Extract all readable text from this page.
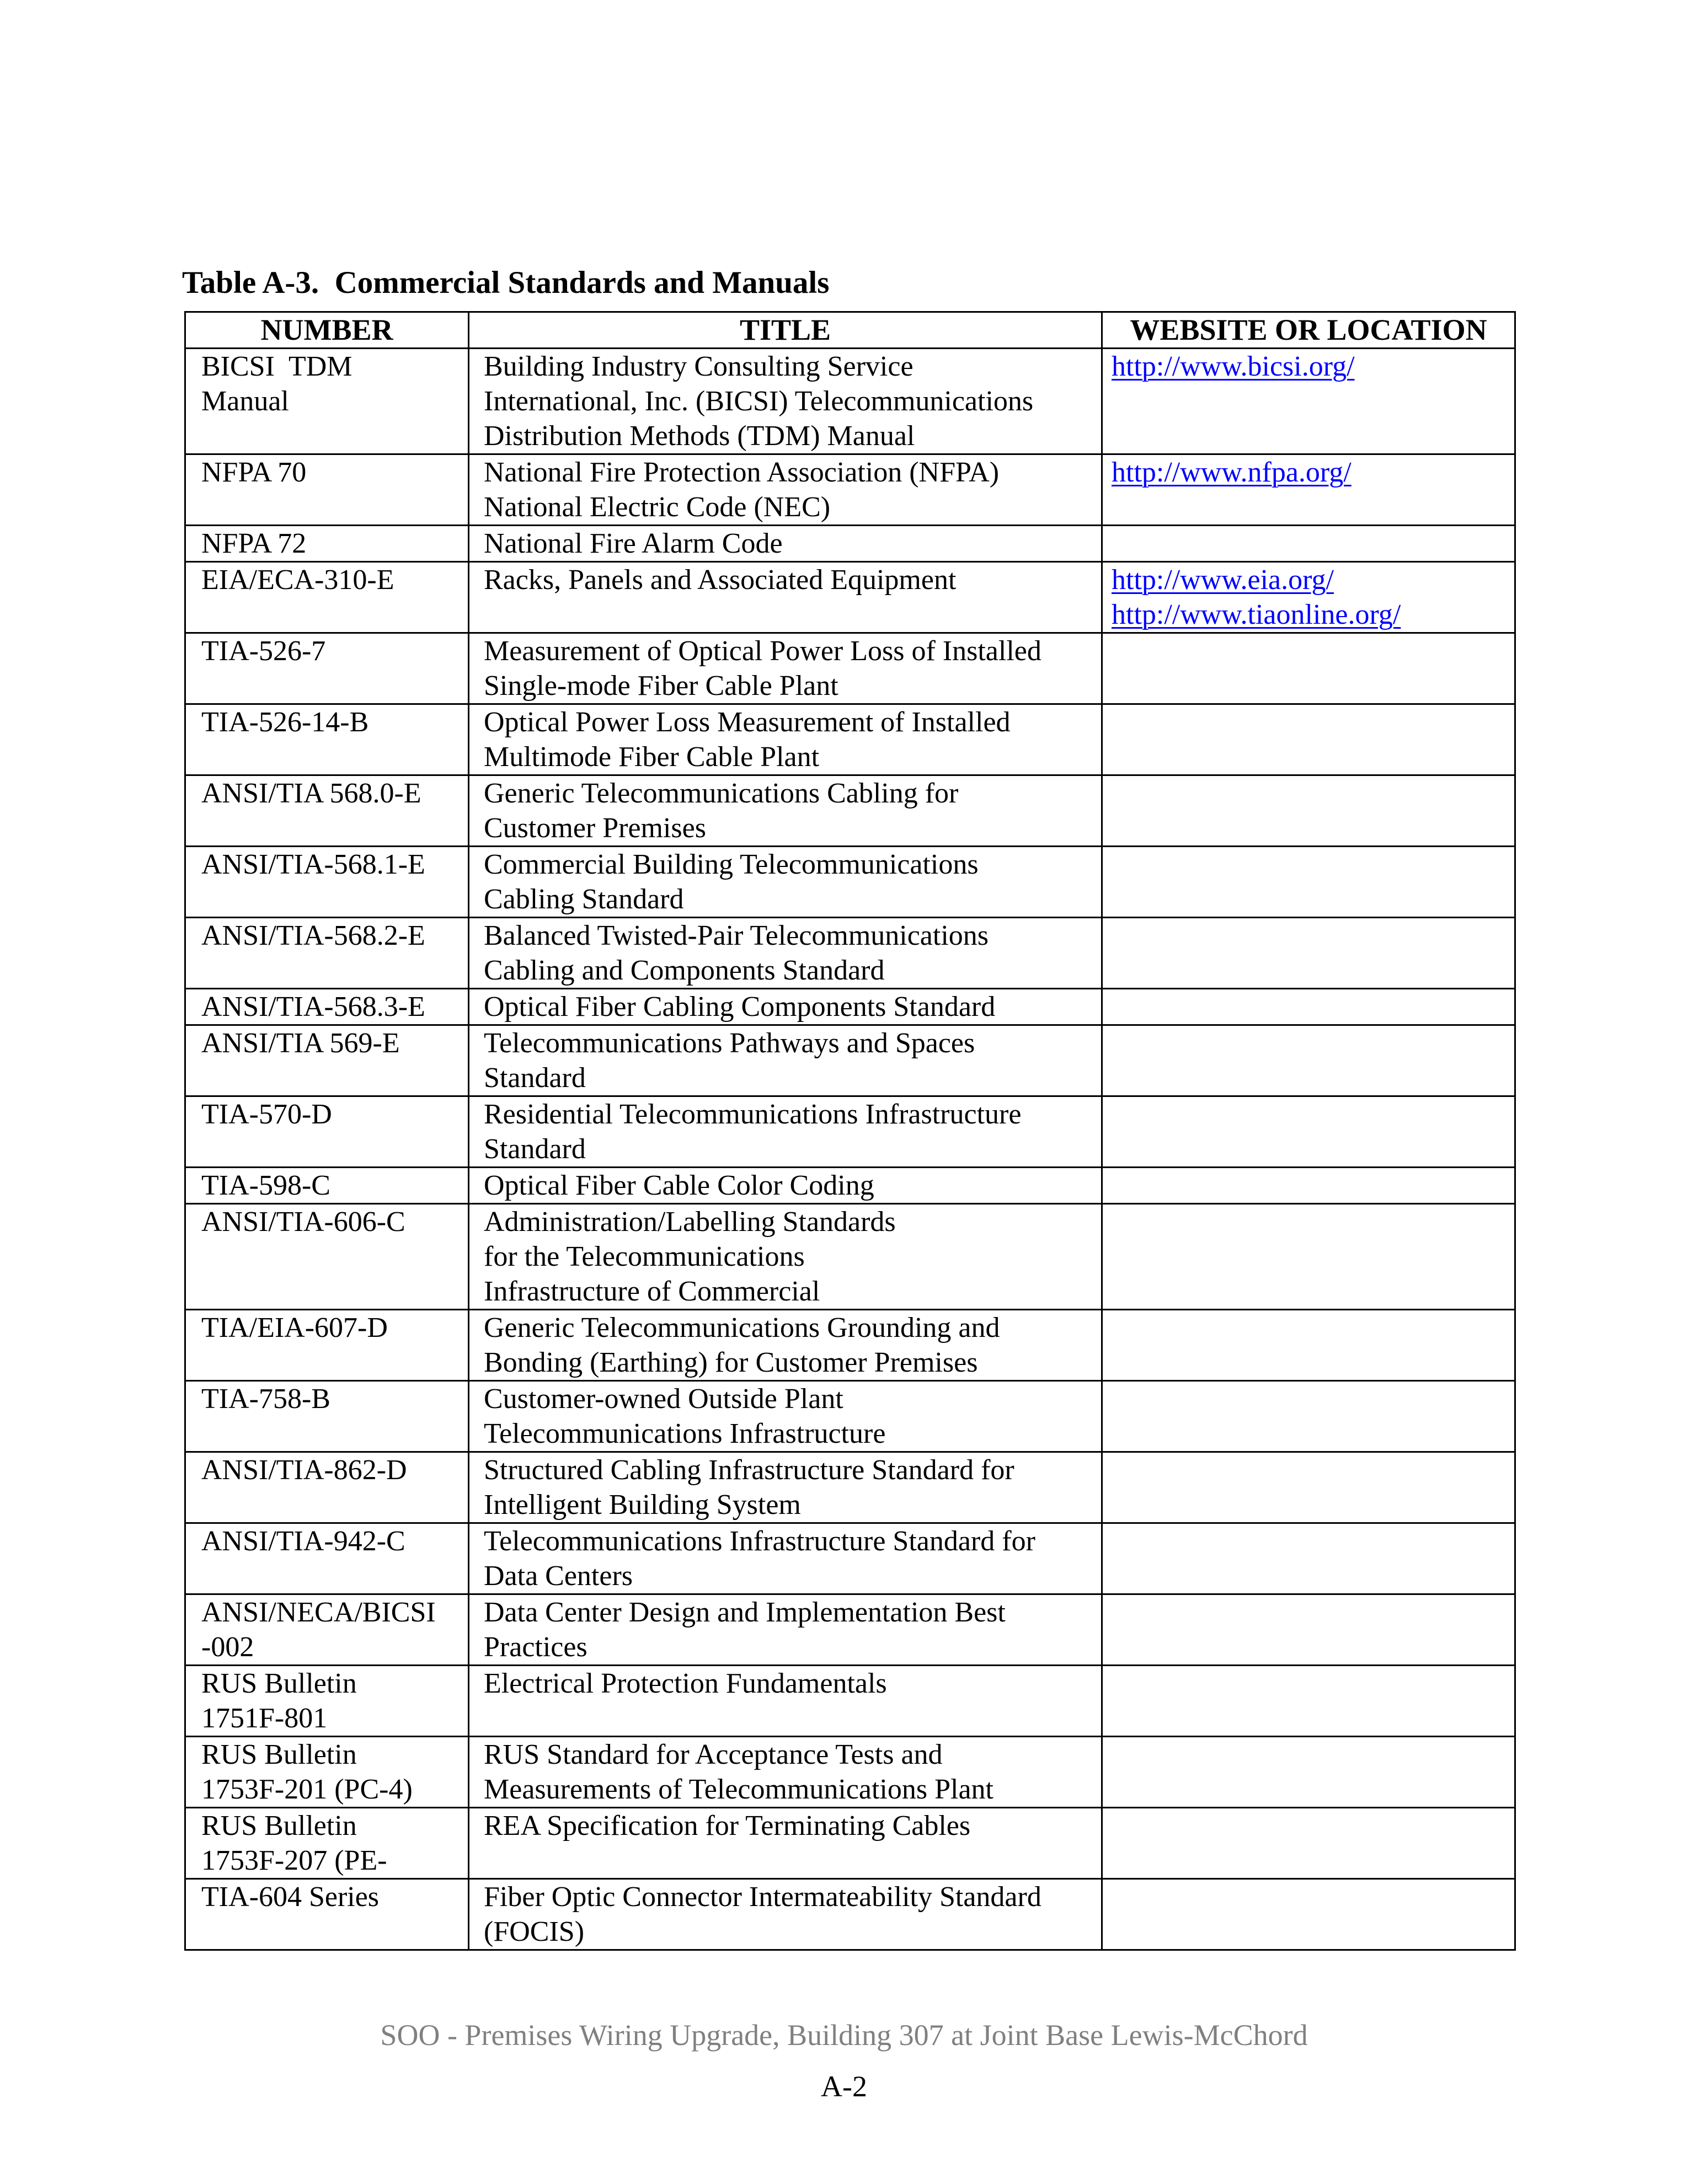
Table A-3.  Commercial Standards and Manuals
NUMBER	TITLE	WEBSITE OR LOCATION

BICSI  TDM
Manual	Building Industry Consulting Service
International, Inc. (BICSI) Telecommunications
Distribution Methods (TDM) Manual	http://www.bicsi.org/

NFPA 70	National Fire Protection Association (NFPA)
National Electric Code (NEC)	http://www.nfpa.org/

NFPA 72	National Fire Alarm Code	

EIA/ECA-310-E	Racks, Panels and Associated Equipment	http://www.eia.org/
http://www.tiaonline.org/

TIA-526-7	Measurement of Optical Power Loss of Installed
Single-mode Fiber Cable Plant	

TIA-526-14-B	Optical Power Loss Measurement of Installed
Multimode Fiber Cable Plant	

ANSI/TIA 568.0-E	Generic Telecommunications Cabling for
Customer Premises	

ANSI/TIA-568.1-E	Commercial Building Telecommunications
Cabling Standard	

ANSI/TIA-568.2-E	Balanced Twisted-Pair Telecommunications
Cabling and Components Standard	

ANSI/TIA-568.3-E	Optical Fiber Cabling Components Standard	

ANSI/TIA 569-E	Telecommunications Pathways and Spaces
Standard	

TIA-570-D	Residential Telecommunications Infrastructure
Standard	

TIA-598-C	Optical Fiber Cable Color Coding	

ANSI/TIA-606-C	Administration/Labelling Standards
for the Telecommunications
Infrastructure of Commercial	

TIA/EIA-607-D	Generic Telecommunications Grounding and
Bonding (Earthing) for Customer Premises	

TIA-758-B	Customer-owned Outside Plant
Telecommunications Infrastructure	

ANSI/TIA-862-D	Structured Cabling Infrastructure Standard for
Intelligent Building System	

ANSI/TIA-942-C	Telecommunications Infrastructure Standard for
Data Centers	

ANSI/NECA/BICSI
-002	Data Center Design and Implementation Best
Practices	

RUS Bulletin
1751F-801	Electrical Protection Fundamentals	

RUS Bulletin
1753F-201 (PC-4)	RUS Standard for Acceptance Tests and
Measurements of Telecommunications Plant	

RUS Bulletin
1753F-207 (PE-	REA Specification for Terminating Cables	

TIA-604 Series	Fiber Optic Connector Intermateability Standard
(FOCIS)	

SOO - Premises Wiring Upgrade, Building 307 at Joint Base Lewis-McChord
A-2
